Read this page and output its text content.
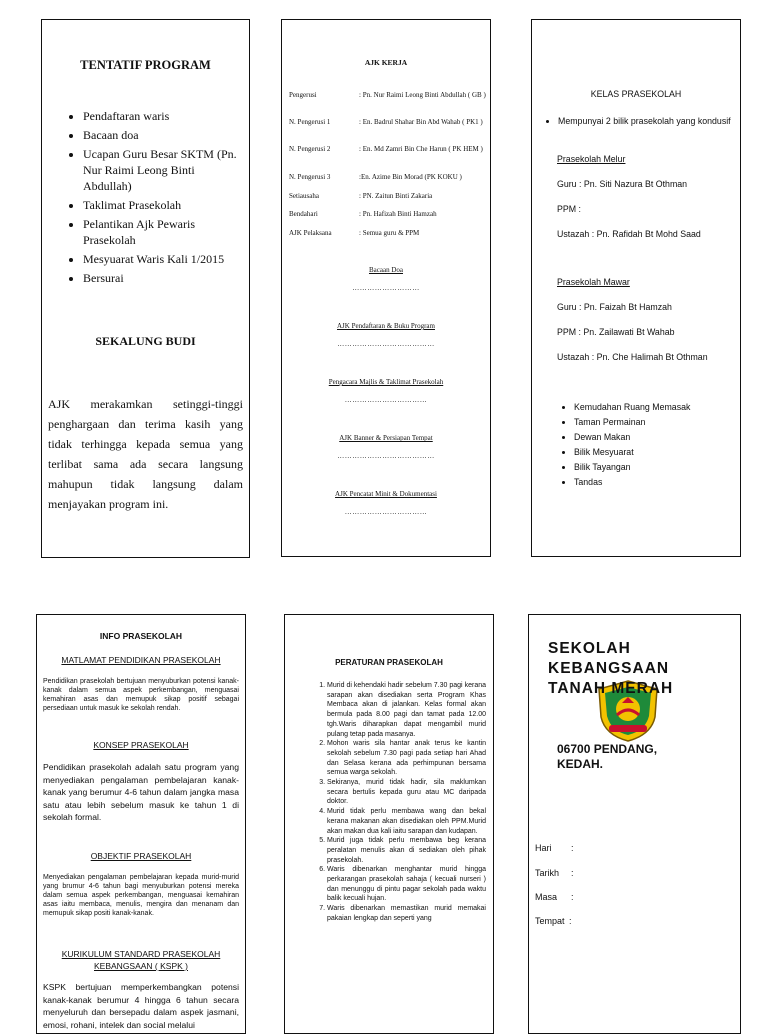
TENTATIF PROGRAM
• Pendaftaran waris
• Bacaan doa
• Ucapan Guru Besar SKTM (Pn. Nur Raimi Leong Binti Abdullah)
• Taklimat Prasekolah
• Pelantikan Ajk Pewaris Prasekolah
• Mesyuarat Waris Kali 1/2015
• Bersurai
SEKALUNG BUDI
AJK merakamkan setinggi-tinggi penghargaan dan terima kasih yang tidak terhingga kepada semua yang terlibat sama ada secara langsung mahupun tidak langsung dalam menjayakan program ini.
AJK KERJA
Pengerusi	: Pn. Nur Raimi Leong Binti Abdullah ( GB )
N. Pengerusi 1	: En. Badrul Shahar Bin Abd Wahab ( PK1 )
N. Pengerusi 2	: En. Md Zamri Bin Che Harun ( PK HEM )
N. Pengerusi 3	:En. Azime Bin Morad (PK KOKU )
Setiausaha	: PN. Zaitun Binti Zakaria
Bendahari	: Pn. Hafizah Binti Hamzah
AJK Pelaksana	: Semua guru & PPM
Bacaan Doa
………………………
AJK Pendaftaran & Buku Program
…………………………………
Pengacara Majlis & Taklimat Prasekolah
……………………………
AJK Banner & Persiapan Tempat
…………………………………
AJK Pencatat Minit & Dokumentasi
……………………………
KELAS PRASEKOLAH
• Mempunyai 2 bilik prasekolah yang kondusif
Prasekolah Melur
Guru : Pn. Siti Nazura Bt Othman
PPM :
Ustazah : Pn. Rafidah Bt Mohd Saad
Prasekolah Mawar
Guru : Pn. Faizah Bt Hamzah
PPM : Pn. Zailawati Bt Wahab
Ustazah : Pn. Che Halimah Bt Othman
• Kemudahan Ruang Memasak
• Taman Permainan
• Dewan Makan
• Bilik Mesyuarat
• Bilik Tayangan
• Tandas
INFO PRASEKOLAH
MATLAMAT PENDIDIKAN PRASEKOLAH
Pendidikan prasekolah bertujuan menyuburkan potensi kanak-kanak dalam semua aspek perkembangan, menguasai kemahiran asas dan memupuk sikap positif sebagai persediaan untuk masuk ke sekolah rendah.
KONSEP PRASEKOLAH
Pendidikan prasekolah adalah satu program yang menyediakan pengalaman pembelajaran kanak-kanak yang berumur 4-6 tahun dalam jangka masa satu atau lebih sebelum masuk ke tahun 1 di sekolah formal.
OBJEKTIF PRASEKOLAH
Menyediakan pengalaman pembelajaran kepada murid-murid yang brumur 4-6 tahun bagi menyuburkan potensi mereka dalam semua aspek perkembangan, menguasai kemahiran asas iaitu membaca, menulis, mengira dan menanam dan memupuk sikap positi kanak-kanak.
KURIKULUM STANDARD PRASEKOLAH KEBANGSAAN ( KSPK )
KSPK bertujuan memperkembangkan potensi kanak-kanak berumur 4 hingga 6 tahun secara menyeluruh dan bersepadu dalam aspek jasmani, emosi, rohani, intelek dan social melalui
PERATURAN PRASEKOLAH
1. Murid di kehendaki hadir sebelum 7.30 pagi kerana sarapan akan disediakan serta Program Khas Membaca akan di jalankan. Kelas formal akan bermula pada 8.00 pagi dan tamat pada 12.00 tgh.Waris diharapkan dapat mengambil murid pulang tetap pada masanya.
2. Mohon waris sila hantar anak terus ke kantin sekolah sebelum 7.30 pagi pada setiap hari Ahad dan Selasa kerana ada perhimpunan bersama semua warga sekolah.
3. Sekiranya, murid tidak hadir, sila maklumkan secara bertulis kepada guru atau MC daripada doktor.
4. Murid tidak perlu membawa wang dan bekal kerana makanan akan disediakan oleh PPM.Murid akan makan dua kali iaitu sarapan dan kudapan.
5. Murid juga tidak perlu membawa beg kerana peralatan menulis akan di sediakan oleh pihak prasekolah.
6. Waris dibenarkan menghantar murid hingga perkarangan prasekolah sahaja ( kecuali nurseri ) dan menunggu di pintu pagar sekolah pada waktu balik kecuali hujan.
7. Waris dibenarkan memastikan murid memakai pakaian lengkap dan seperti yang
SEKOLAH
KEBANGSAAN
TANAH MERAH
06700 PENDANG,
KEDAH.
Hari :
Tarikh :
Masa :
Tempat :
